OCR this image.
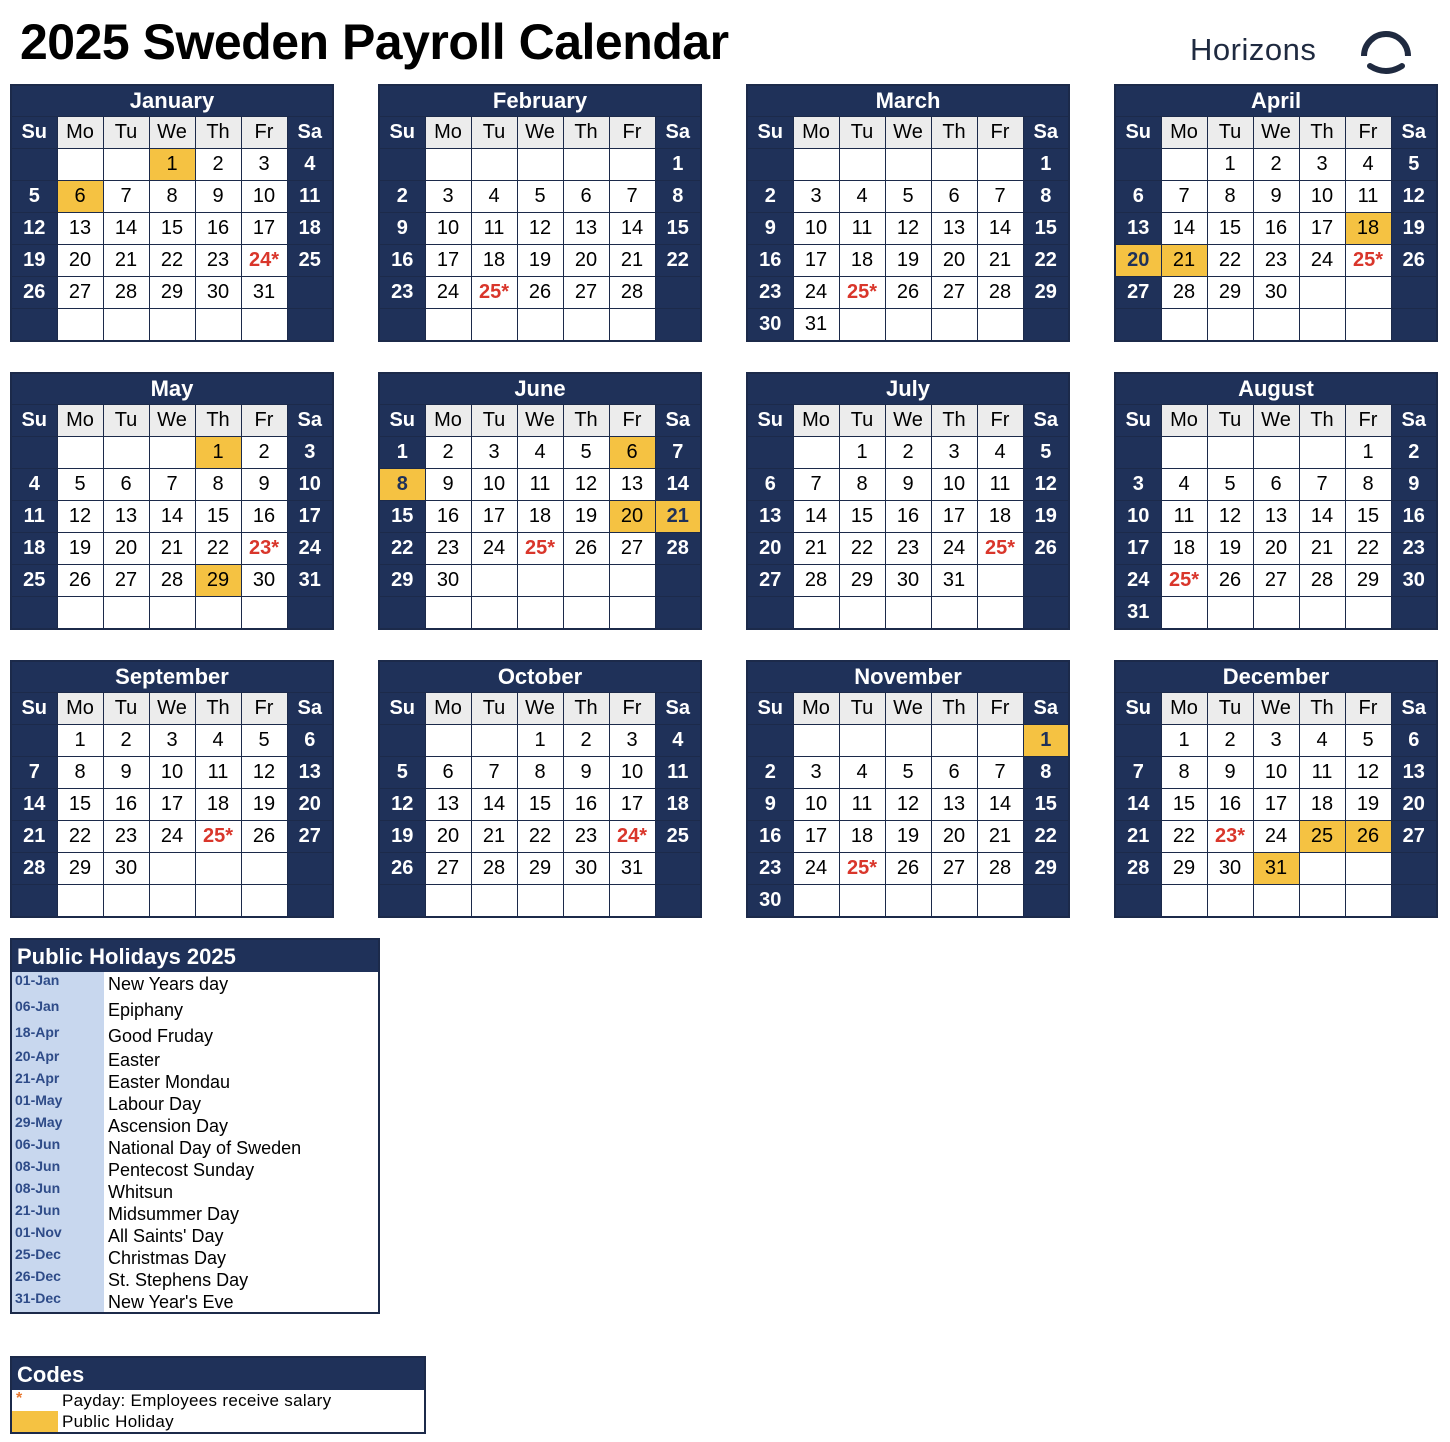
2025 Sweden Payroll Calendar	Horizons
January						
Su	Mo	Tu	We	Th	Fr	Sa
			1	2	3	4
5	6	7	8	9	10	11
12	13	14	15	16	17	18
19	20	21	22	23	24*	25
26	27	28	29	30	31	

February						
Su	Mo	Tu	We	Th	Fr	Sa
						1
2	3	4	5	6	7	8
9	10	11	12	13	14	15
16	17	18	19	20	21	22
23	24	25*	26	27	28	

March						
Su	Mo	Tu	We	Th	Fr	Sa
						1
2	3	4	5	6	7	8
9	10	11	12	13	14	15
16	17	18	19	20	21	22
23	24	25*	26	27	28	29
30	31					
April						
Su	Mo	Tu	We	Th	Fr	Sa
		1	2	3	4	5
6	7	8	9	10	11	12
13	14	15	16	17	18	19
20	21	22	23	24	25*	26
27	28	29	30			

May						
Su	Mo	Tu	We	Th	Fr	Sa
				1	2	3
4	5	6	7	8	9	10
11	12	13	14	15	16	17
18	19	20	21	22	23*	24
25	26	27	28	29	30	31

June						
Su	Mo	Tu	We	Th	Fr	Sa
1	2	3	4	5	6	7
8	9	10	11	12	13	14
15	16	17	18	19	20	21
22	23	24	25*	26	27	28
29	30					

July						
Su	Mo	Tu	We	Th	Fr	Sa
		1	2	3	4	5
6	7	8	9	10	11	12
13	14	15	16	17	18	19
20	21	22	23	24	25*	26
27	28	29	30	31		

August						
Su	Mo	Tu	We	Th	Fr	Sa
					1	2
3	4	5	6	7	8	9
10	11	12	13	14	15	16
17	18	19	20	21	22	23
24	25*	26	27	28	29	30
31						
September						
Su	Mo	Tu	We	Th	Fr	Sa
	1	2	3	4	5	6
7	8	9	10	11	12	13
14	15	16	17	18	19	20
21	22	23	24	25*	26	27
28	29	30				

October						
Su	Mo	Tu	We	Th	Fr	Sa
			1	2	3	4
5	6	7	8	9	10	11
12	13	14	15	16	17	18
19	20	21	22	23	24*	25
26	27	28	29	30	31	

November						
Su	Mo	Tu	We	Th	Fr	Sa
						1
2	3	4	5	6	7	8
9	10	11	12	13	14	15
16	17	18	19	20	21	22
23	24	25*	26	27	28	29
30						
December						
Su	Mo	Tu	We	Th	Fr	Sa
	1	2	3	4	5	6
7	8	9	10	11	12	13
14	15	16	17	18	19	20
21	22	23*	24	25	26	27
28	29	30	31			

Public Holidays 2025
01-Jan	New Years day
06-Jan	Epiphany
18-Apr	Good Fruday
20-Apr	Easter
21-Apr	Easter Mondau
01-May	Labour Day
29-May	Ascension Day
06-Jun	National Day of Sweden
08-Jun	Pentecost Sunday
08-Jun	Whitsun
21-Jun	Midsummer Day
01-Nov	All Saints' Day
25-Dec	Christmas Day
26-Dec	St. Stephens Day
31-Dec	New Year's Eve
Codes
*	Payday: Employees receive salary
Public Holiday
